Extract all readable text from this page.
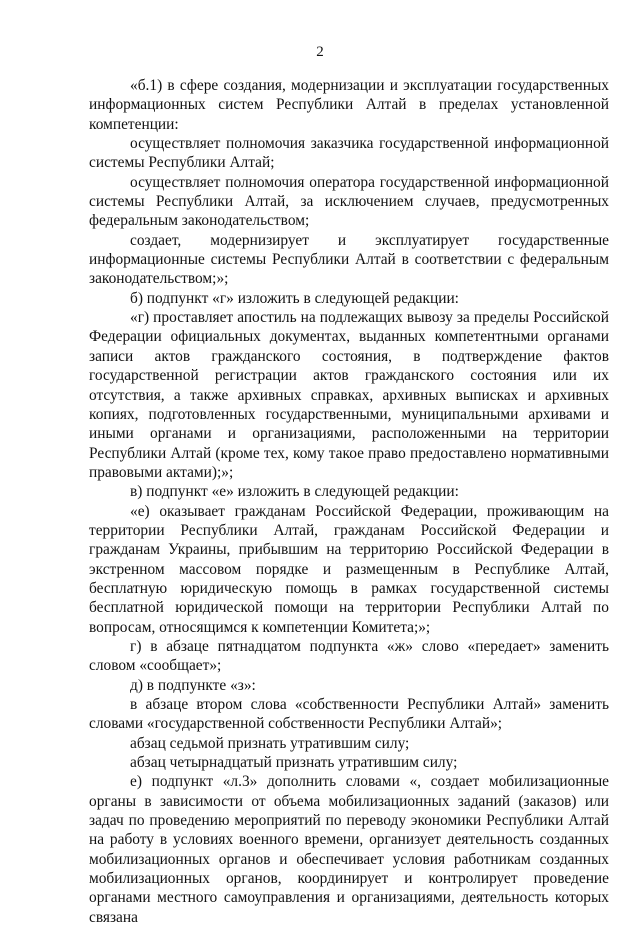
2

«б.1) в сфере создания, модернизации и эксплуатации государственных информационных систем Республики Алтай в пределах установленной компетенции:

осуществляет полномочия заказчика государственной информационной системы Республики Алтай;

осуществляет полномочия оператора государственной информационной системы Республики Алтай, за исключением случаев, предусмотренных федеральным законодательством;

создает, модернизирует и эксплуатирует государственные информационные системы Республики Алтай в соответствии с федеральным законодательством;»;

б) подпункт «г» изложить в следующей редакции:

«г) проставляет апостиль на подлежащих вывозу за пределы Российской Федерации официальных документах, выданных компетентными органами записи актов гражданского состояния, в подтверждение фактов государственной регистрации актов гражданского состояния или их отсутствия, а также архивных справках, архивных выписках и архивных копиях, подготовленных государственными, муниципальными архивами и иными органами и организациями, расположенными на территории Республики Алтай (кроме тех, кому такое право предоставлено нормативными правовыми актами);»;

в) подпункт «е» изложить в следующей редакции:

«е) оказывает гражданам Российской Федерации, проживающим на территории Республики Алтай, гражданам Российской Федерации и гражданам Украины, прибывшим на территорию Российской Федерации в экстренном массовом порядке и размещенным в Республике Алтай, бесплатную юридическую помощь в рамках государственной системы бесплатной юридической помощи на территории Республики Алтай по вопросам, относящимся к компетенции Комитета;»;

г) в абзаце пятнадцатом подпункта «ж» слово «передает» заменить словом «сообщает»;

д) в подпункте «з»:

в абзаце втором слова «собственности Республики Алтай» заменить словами «государственной собственности Республики Алтай»;

абзац седьмой признать утратившим силу;

абзац четырнадцатый признать утратившим силу;

е) подпункт «л.3» дополнить словами «, создает мобилизационные органы в зависимости от объема мобилизационных заданий (заказов) или задач по проведению мероприятий по переводу экономики Республики Алтай на работу в условиях военного времени, организует деятельность созданных мобилизационных органов и обеспечивает условия работникам созданных мобилизационных органов, координирует и контролирует проведение органами местного самоуправления и организациями, деятельность которых связана
